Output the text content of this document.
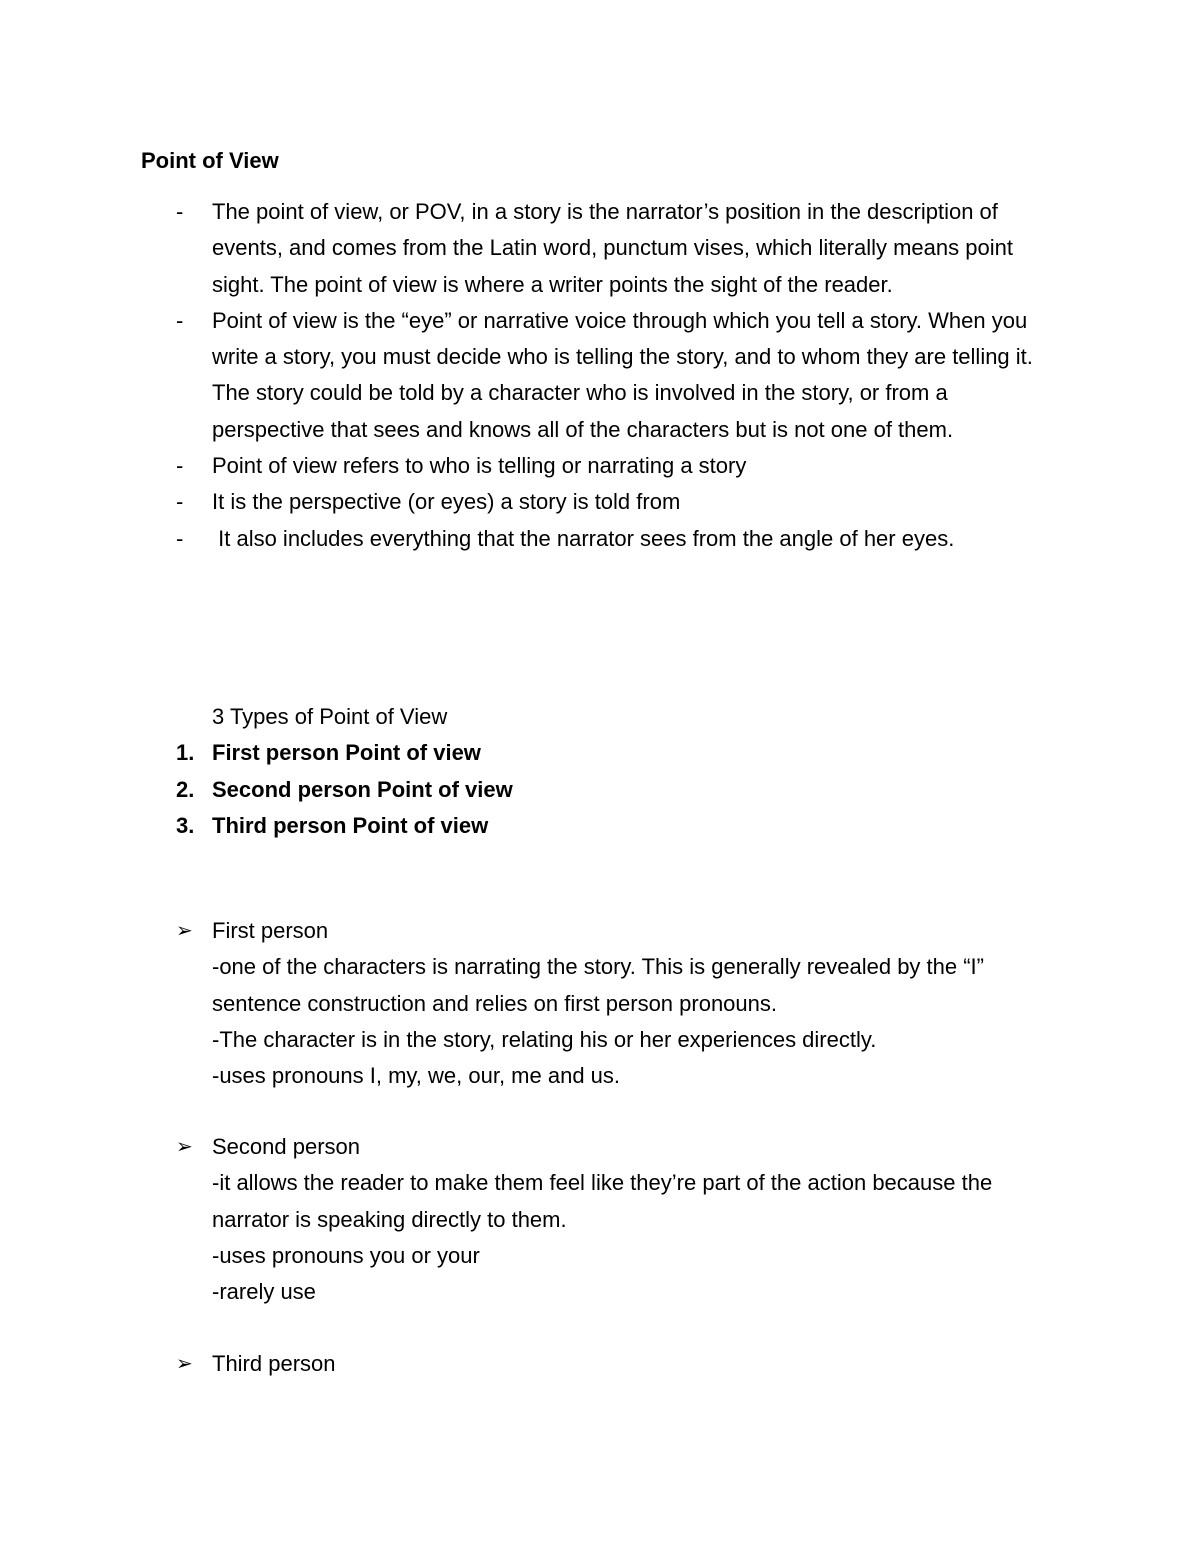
Point of View
- The point of view, or POV, in a story is the narrator’s position in the description of events, and comes from the Latin word, punctum vises, which literally means point sight. The point of view is where a writer points the sight of the reader.
- Point of view is the “eye” or narrative voice through which you tell a story. When you write a story, you must decide who is telling the story, and to whom they are telling it. The story could be told by a character who is involved in the story, or from a perspective that sees and knows all of the characters but is not one of them.
- Point of view refers to who is telling or narrating a story
- It is the perspective (or eyes) a story is told from
- It also includes everything that the narrator sees from the angle of her eyes.

3 Types of Point of View

1. First person Point of view
2. Second person Point of view
3. Third person Point of view
➢ First person

-one of the characters is narrating the story. This is generally revealed by the “I” sentence construction and relies on first person pronouns.

-The character is in the story, relating his or her experiences directly.

-uses pronouns I, my, we, our, me and us.

➢ Second person

-it allows the reader to make them feel like they’re part of the action because the narrator is speaking directly to them.

-uses pronouns you or your

-rarely use

➢ Third person
